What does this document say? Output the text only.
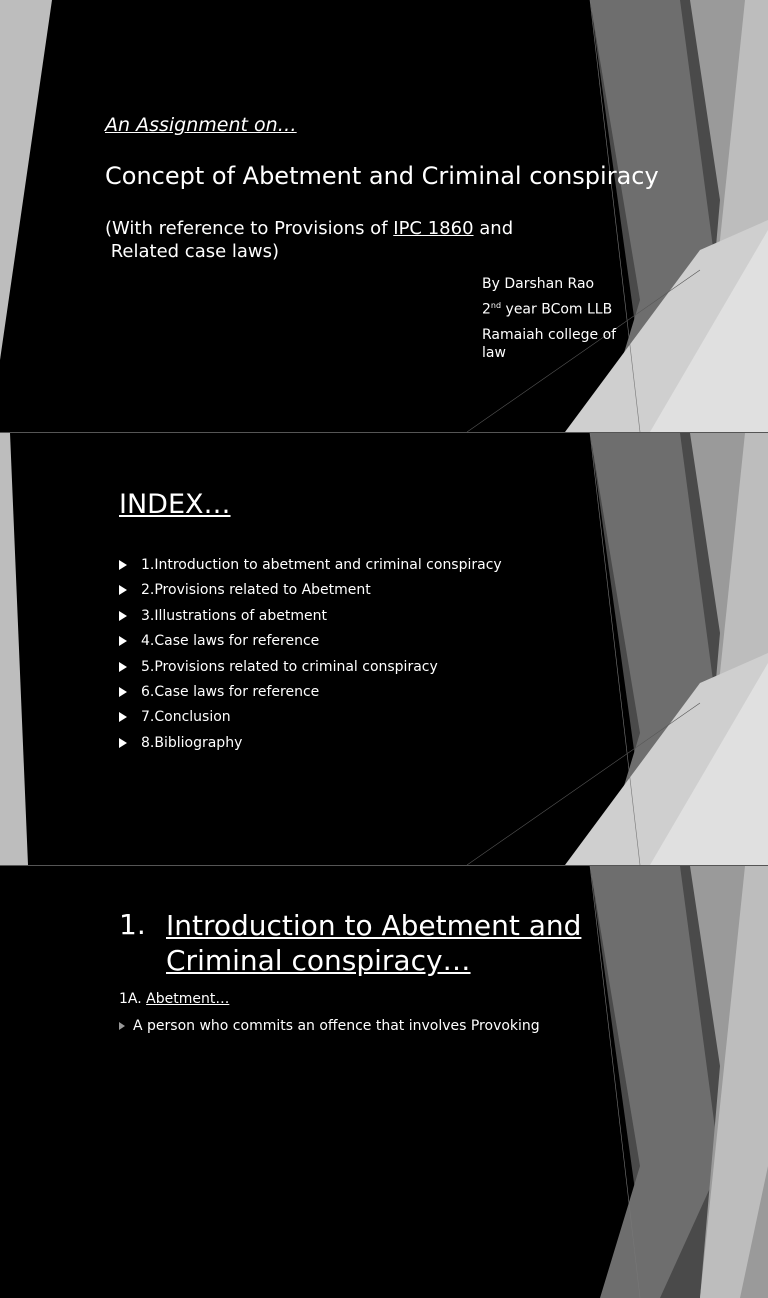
An Assignment on…
Concept of Abetment and Criminal conspiracy
(With reference to Provisions of IPC 1860 and
Related case laws)
By Darshan Rao
2nd year BCom LLB
Ramaiah college of law
INDEX…
1.Introduction to abetment and criminal conspiracy
2.Provisions related to Abetment
3.Illustrations of abetment
4.Case laws for reference
5.Provisions related to criminal conspiracy
6.Case laws for reference
7.Conclusion
8.Bibliography
1. Introduction to Abetment and
Criminal conspiracy…
1A. Abetment…
A person who commits an offence that involves Provoking
